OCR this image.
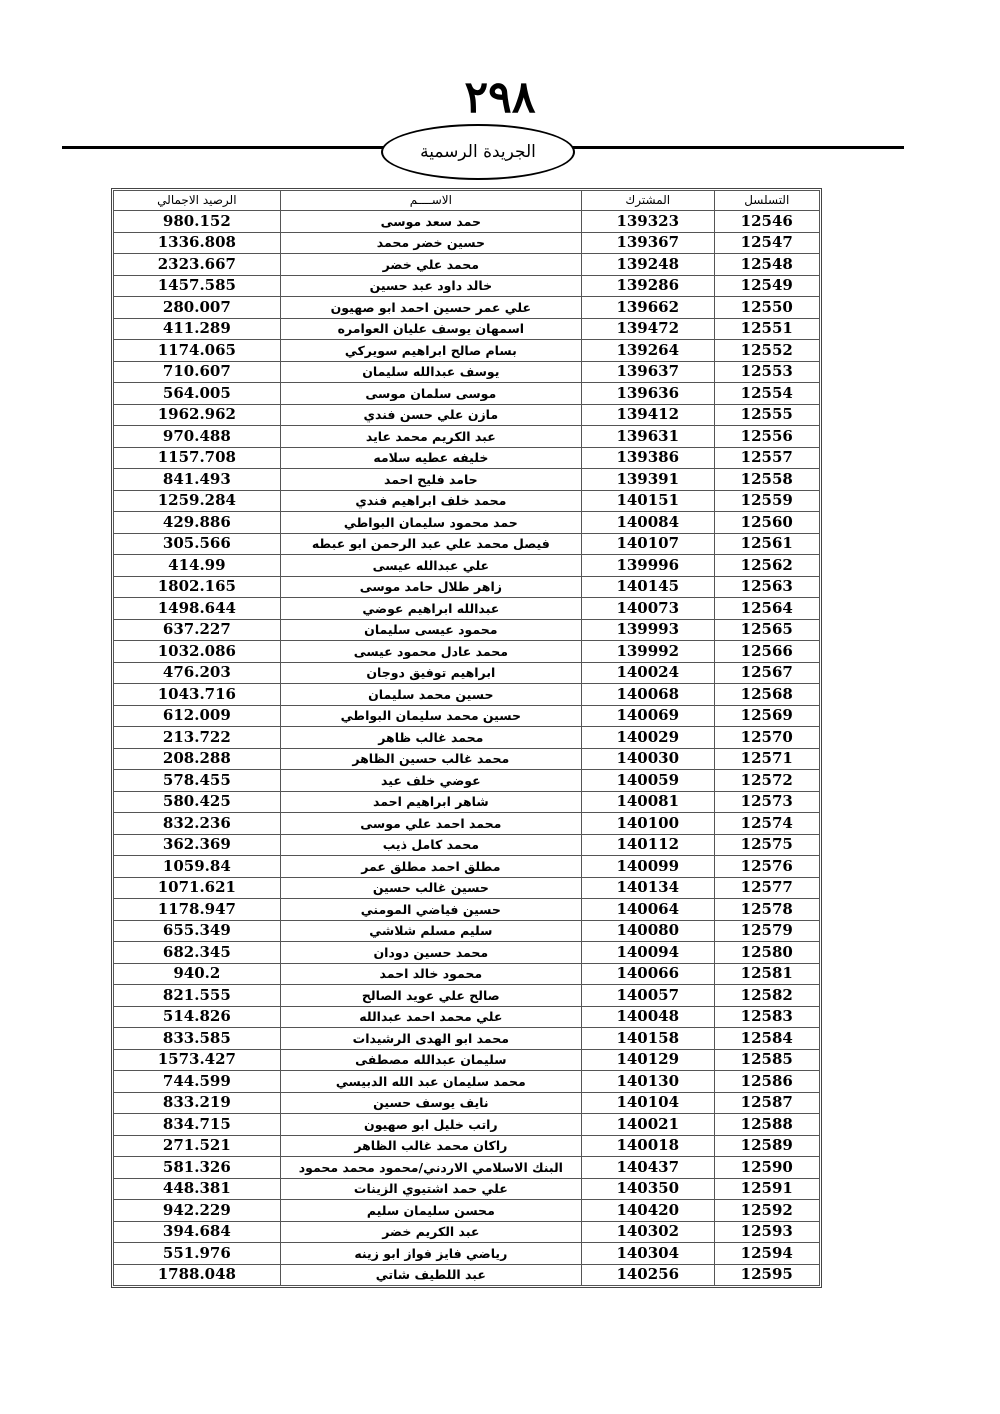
٢٩٨
الجريدة الرسمية
الرصيد الاجمالي	الاســــم	المشترك	التسلسل
980.152	حمد سعد موسى	139323	12546
1336.808	حسين خضر محمد	139367	12547
2323.667	محمد علي خضر	139248	12548
1457.585	خالد داود عبد حسين	139286	12549
280.007	علي عمر حسين احمد ابو صهيون	139662	12550
411.289	اسمهان يوسف عليان العوامره	139472	12551
1174.065	بسام صالح ابراهيم سويركي	139264	12552
710.607	يوسف عبدالله سليمان	139637	12553
564.005	موسى سلمان موسى	139636	12554
1962.962	مازن علي حسن فندي	139412	12555
970.488	عبد الكريم محمد عايد	139631	12556
1157.708	خليفه عطيه سلامه	139386	12557
841.493	حامد فليح احمد	139391	12558
1259.284	محمد خلف ابراهيم فندي	140151	12559
429.886	حمد محمود سليمان البواطي	140084	12560
305.566	فيصل محمد علي عبد الرحمن ابو عبطه	140107	12561
414.99	علي عبدالله عيسى	139996	12562
1802.165	زاهر طلال حامد موسى	140145	12563
1498.644	عبدالله ابراهيم عوضي	140073	12564
637.227	محمود عيسى سليمان	139993	12565
1032.086	محمد عادل محمود عيسى	139992	12566
476.203	ابراهيم توفيق دوجان	140024	12567
1043.716	حسين محمد سليمان	140068	12568
612.009	حسين محمد سليمان البواطي	140069	12569
213.722	محمد غالب ظاهر	140029	12570
208.288	محمد غالب حسين الظاهر	140030	12571
578.455	عوضي خلف عيد	140059	12572
580.425	شاهر ابراهيم احمد	140081	12573
832.236	محمد احمد علي موسى	140100	12574
362.369	محمد كامل ذيب	140112	12575
1059.84	مطلق احمد مطلق عمر	140099	12576
1071.621	حسين غالب حسين	140134	12577
1178.947	حسين فياضي المومني	140064	12578
655.349	سليم مسلم شلاشي	140080	12579
682.345	محمد حسين دودان	140094	12580
940.2	محمود خالد احمد	140066	12581
821.555	صالح علي عويد الصالح	140057	12582
514.826	علي محمد احمد عبدالله	140048	12583
833.585	محمد ابو الهدى الرشيدات	140158	12584
1573.427	سليمان عبدالله مصطفى	140129	12585
744.599	محمد سليمان عبد الله الدبيسي	140130	12586
833.219	نايف يوسف حسين	140104	12587
834.715	راتب خليل ابو صهيون	140021	12588
271.521	راكان محمد غالب الظاهر	140018	12589
581.326	البنك الاسلامي الاردني/محمود محمد محمود	140437	12590
448.381	علي حمد اشتيوي الزينات	140350	12591
942.229	محسن سليمان سليم	140420	12592
394.684	عبد الكريم خضر	140302	12593
551.976	رياضي فايز فواز ابو زينه	140304	12594
1788.048	عبد اللطيف شاتي	140256	12595
